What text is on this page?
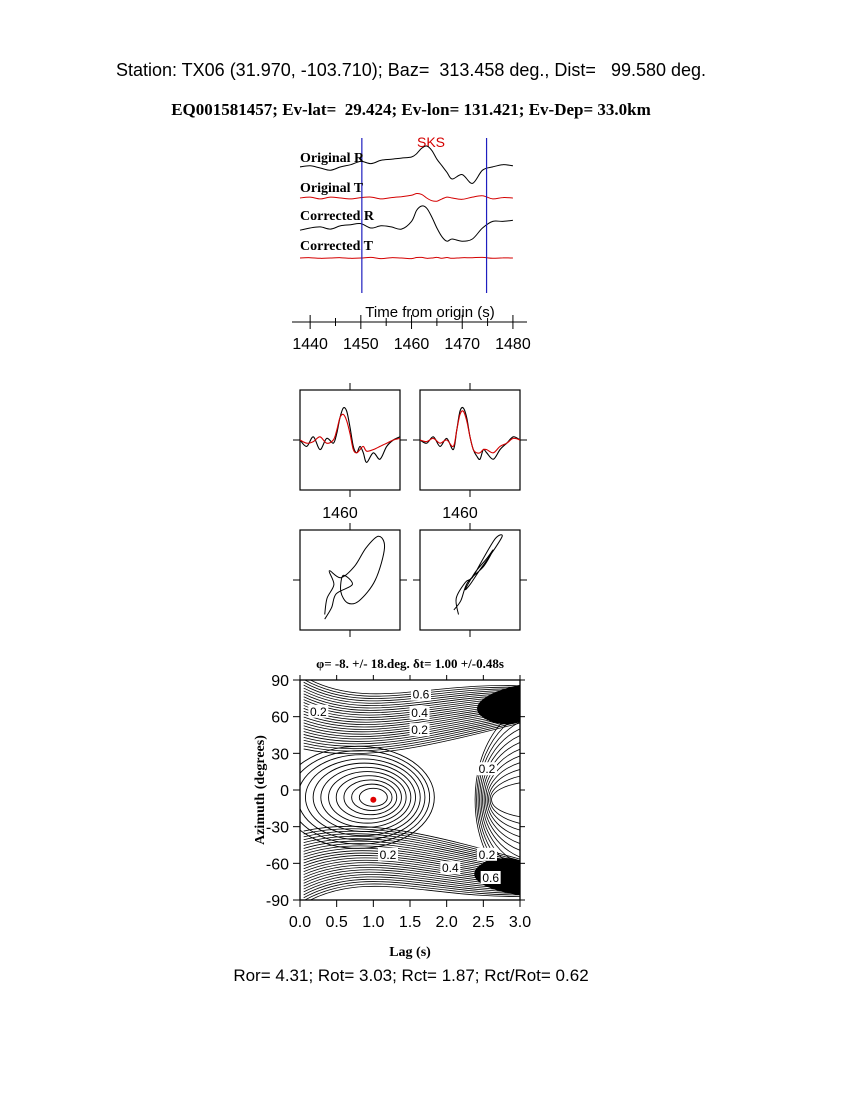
Station: TX06 (31.970, -103.710); Baz=  313.458 deg., Dist=   99.580 deg.
EQ001581457; Ev-lat=  29.424; Ev-lon= 131.421; Ev-Dep= 33.0km
SKS
Original R
Original T
Corrected R
Corrected T
Time from origin (s)
1440 1450 1460 1470 1480
1460	1460
φ= -8. +/- 18.deg. δt= 1.00 +/-0.48s
0.6
0.4
0.2
0.2
0.2
0.2	0.2
0.4
0.6
0.0 0.5 1.0 1.5 2.0 2.5 3.0
90
60
30
0
-30
-60
-90
Lag (s)
Azimuth (degrees)
Ror= 4.31; Rot= 3.03; Rct= 1.87; Rct/Rot= 0.62
